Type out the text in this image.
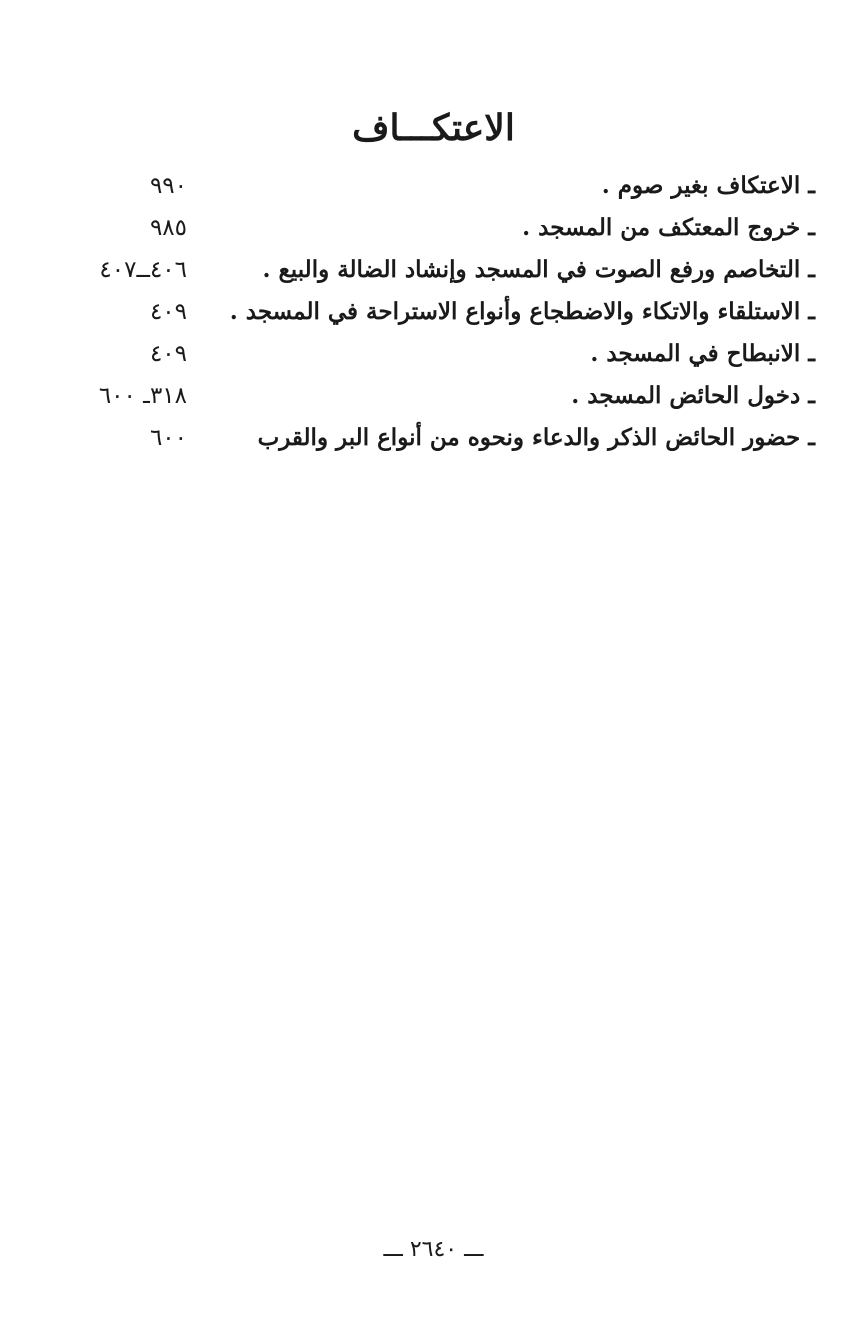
الاعتكـــاف
ـ الاعتكاف بغير صوم .
٩٩٠
ـ خروج المعتكف من المسجد .
٩٨٥
ـ التخاصم ورفع الصوت في المسجد وإنشاد الضالة والبيع .
٤٠٦ــ٤٠٧
ـ الاستلقاء والاتكاء والاضطجاع وأنواع الاستراحة في المسجد .
٤٠٩
ـ الانبطاح في المسجد .
٤٠٩
ـ دخول الحائض المسجد .
٣١٨ـ ٦٠٠
ـ حضور الحائض الذكر والدعاء ونحوه من أنواع البر والقرب
٦٠٠

ـــ ٢٦٤٠ ـــ
